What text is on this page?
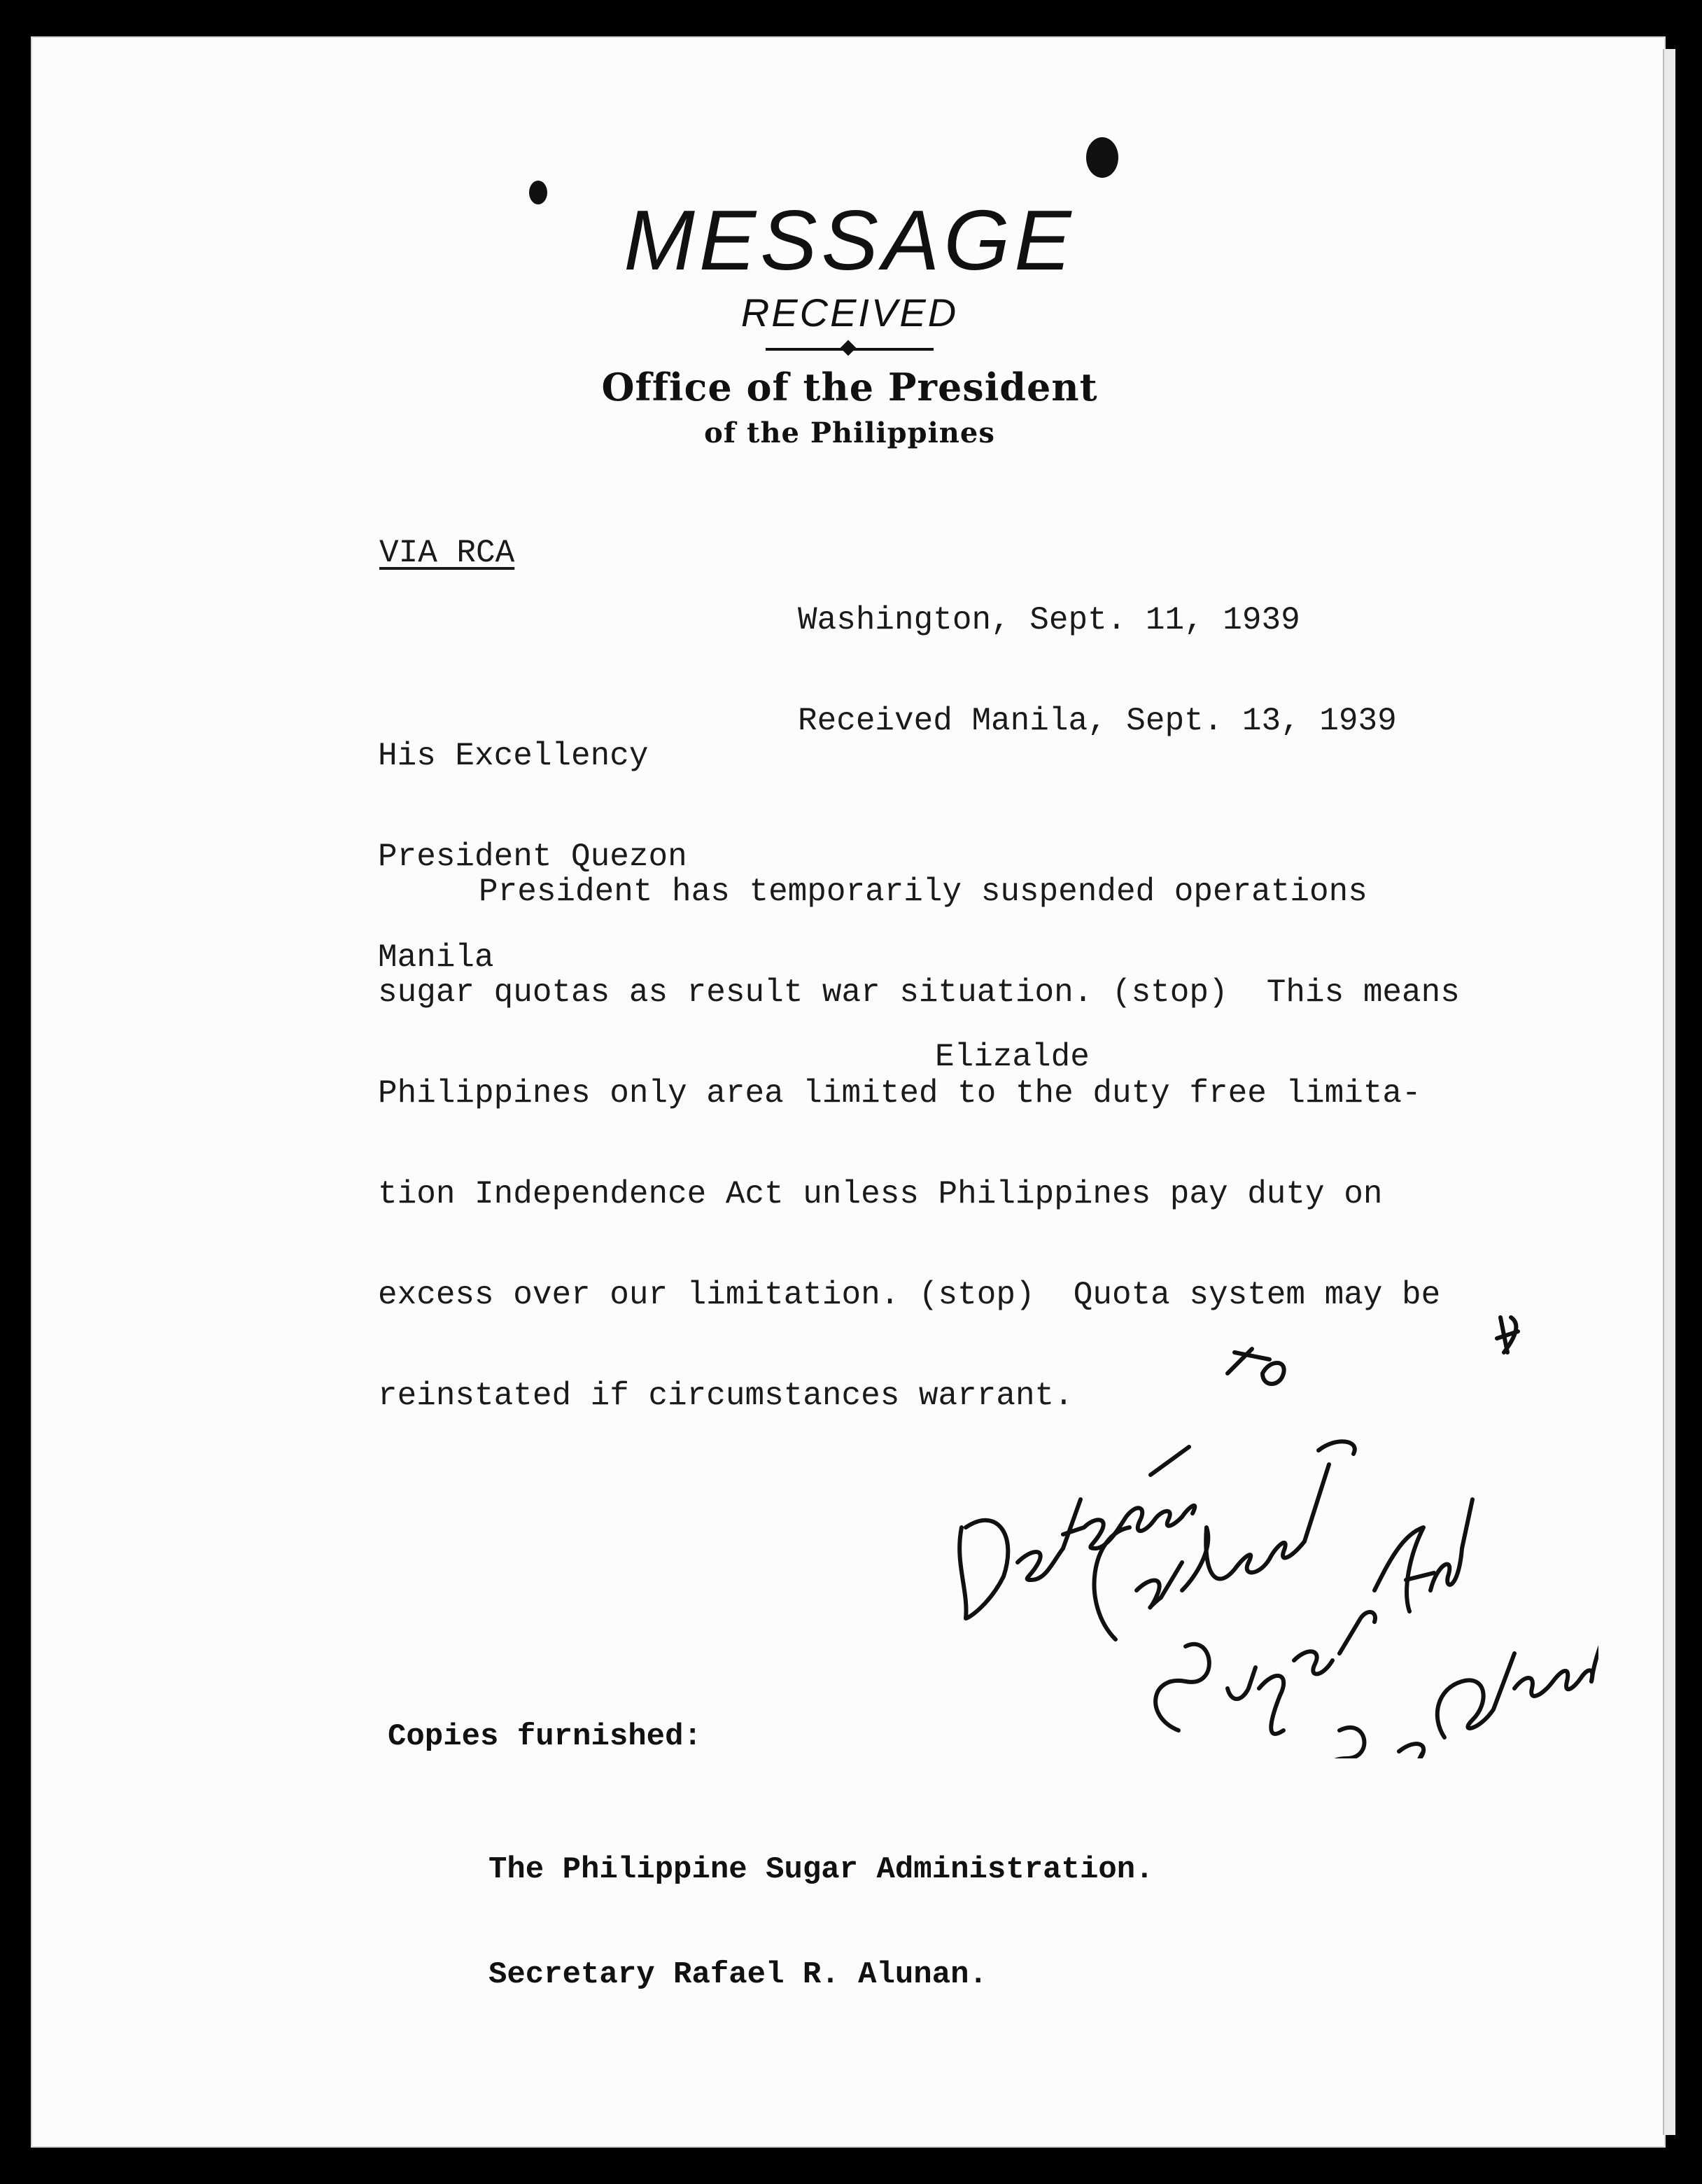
MESSAGE
RECEIVED
Office of the President
of the Philippines
VIA RCA

Washington, Sept. 11, 1939

Received Manila, Sept. 13, 1939

His Excellency

President Quezon

Manila

President has temporarily suspended operations

sugar quotas as result war situation. (stop)  This means

Philippines only area limited to the duty free limita-

tion Independence Act unless Philippines pay duty on

excess over our limitation. (stop)  Quota system may be

reinstated if circumstances warrant.

Elizalde
Copies furnished:

The Philippine Sugar Administration.

Secretary Rafael R. Alunan.
